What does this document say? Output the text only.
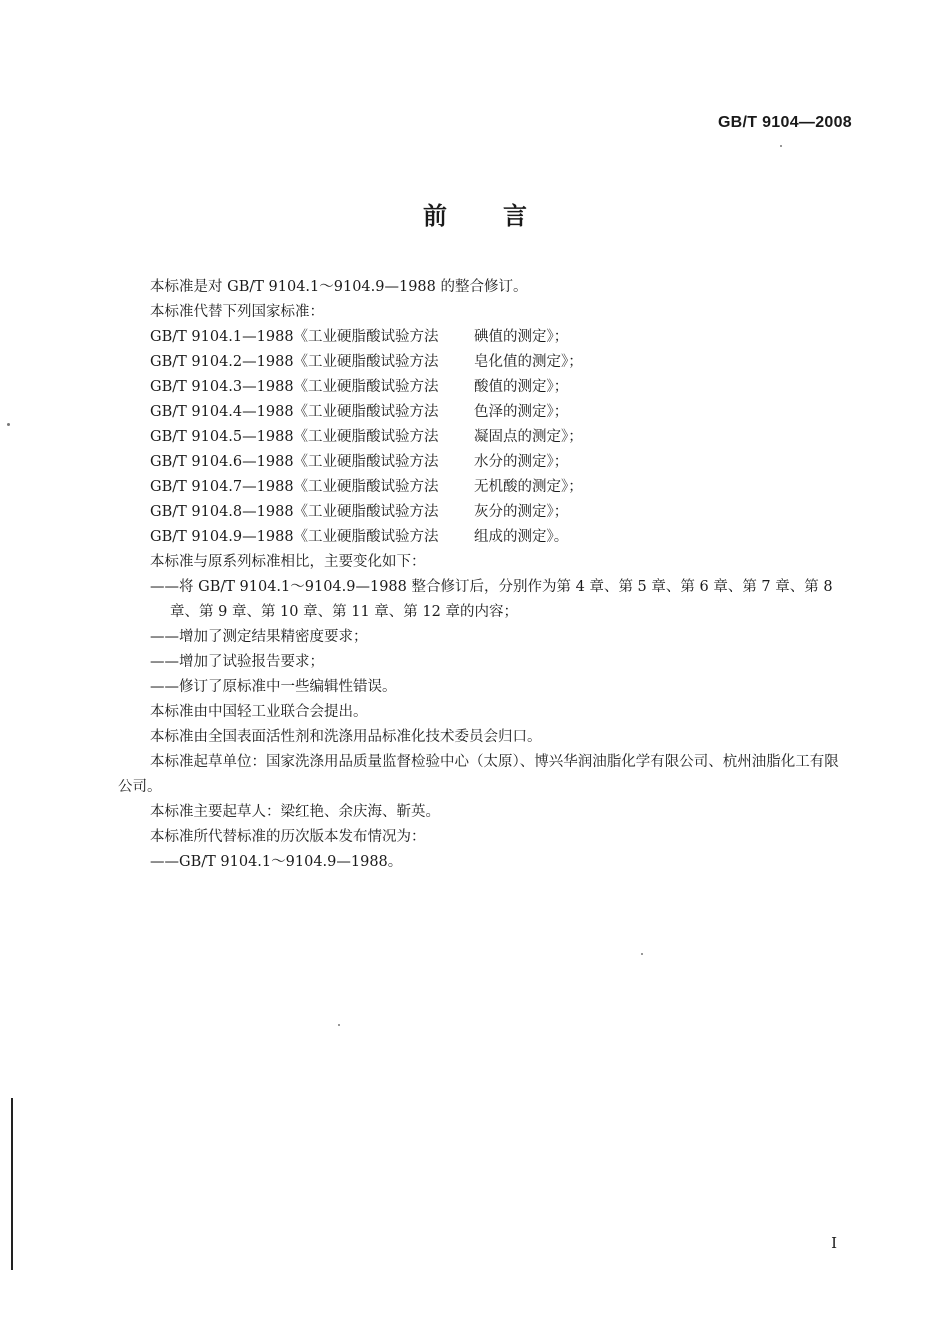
GB/T 9104—2008
前言
本标准是对 GB/T 9104.1～9104.9—1988 的整合修订。
本标准代替下列国家标准：
GB/T 9104.1—1988《工业硬脂酸试验方法	碘值的测定》；
GB/T 9104.2—1988《工业硬脂酸试验方法	皂化值的测定》；
GB/T 9104.3—1988《工业硬脂酸试验方法	酸值的测定》；
GB/T 9104.4—1988《工业硬脂酸试验方法	色泽的测定》；
GB/T 9104.5—1988《工业硬脂酸试验方法	凝固点的测定》；
GB/T 9104.6—1988《工业硬脂酸试验方法	水分的测定》；
GB/T 9104.7—1988《工业硬脂酸试验方法	无机酸的测定》；
GB/T 9104.8—1988《工业硬脂酸试验方法	灰分的测定》；
GB/T 9104.9—1988《工业硬脂酸试验方法	组成的测定》。
本标准与原系列标准相比，主要变化如下：
——将 GB/T 9104.1～9104.9—1988 整合修订后，分别作为第 4 章、第 5 章、第 6 章、第 7 章、第 8 章、第 9 章、第 10 章、第 11 章、第 12 章的内容；
——增加了测定结果精密度要求；
——增加了试验报告要求；
——修订了原标准中一些编辑性错误。
本标准由中国轻工业联合会提出。
本标准由全国表面活性剂和洗涤用品标准化技术委员会归口。
本标准起草单位：国家洗涤用品质量监督检验中心（太原）、博兴华润油脂化学有限公司、杭州油脂化工有限公司。
本标准主要起草人：梁红艳、余庆海、靳英。
本标准所代替标准的历次版本发布情况为：
——GB/T 9104.1～9104.9—1988。
I
